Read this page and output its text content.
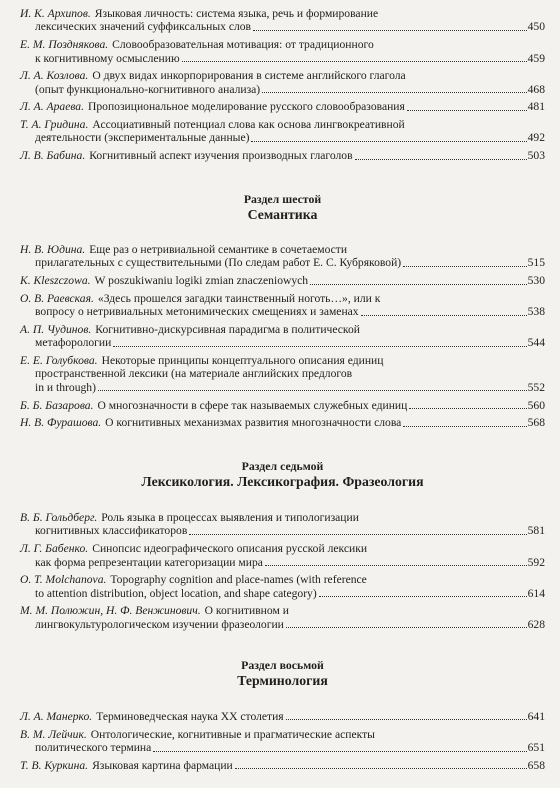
И. К. Архипов. Языковая личность: система языка, речь и формирование
лексических значений суффиксальных слов	450
Е. М. Позднякова. Словообразовательная мотивация: от традиционного
к когнитивному осмыслению	459
Л. А. Козлова. О двух видах инкорпорирования в системе английского глагола
(опыт функционально-когнитивного анализа)	468
Л. А. Араева. Пропозициональное моделирование русского словообразования	481
Т. А. Гридина. Ассоциативный потенциал слова как основа лингвокреативной
деятельности (экспериментальные данные)	492
Л. В. Бабина. Когнитивный аспект изучения производных глаголов	503
Раздел шестой
Семантика
Н. В. Юдина. Еще раз о нетривиальной семантике в сочетаемости
прилагательных с существительными (По следам работ Е. С. Кубряковой)	515
K. Kleszczowa. W poszukiwaniu logiki zmian znaczeniowych	530
О. В. Раевская. «Здесь прошелся загадки таинственный ноготь…», или к
вопросу о нетривиальных метонимических смещениях и заменах	538
А. П. Чудинов. Когнитивно-дискурсивная парадигма в политической
метафорологии	544
Е. Е. Голубкова. Некоторые принципы концептуального описания единиц
пространственной лексики (на материале английских предлогов
in и through)	552
Б. Б. Базарова. О многозначности в сфере так называемых служебных единиц	560
Н. В. Фурашова. О когнитивных механизмах развития многозначности слова	568
Раздел седьмой
Лексикология. Лексикография. Фразеология
В. Б. Гольдберг. Роль языка в процессах выявления и типологизации
когнитивных классификаторов	581
Л. Г. Бабенко. Синопсис идеографического описания русской лексики
как форма репрезентации категоризации мира	592
O. T. Molchanova. Topography cognition and place-names (with reference
to attention distribution, object location, and shape category)	614
М. М. Полюжин, Н. Ф. Венжинович. О когнитивном и
лингвокультурологическом изучении фразеологии	628
Раздел восьмой
Терминология
Л. А. Манерко. Терминоведческая наука XX столетия	641
В. М. Лейчик. Онтологические, когнитивные и прагматические аспекты
политического термина	651
Т. В. Куркина. Языковая картина фармации	658
